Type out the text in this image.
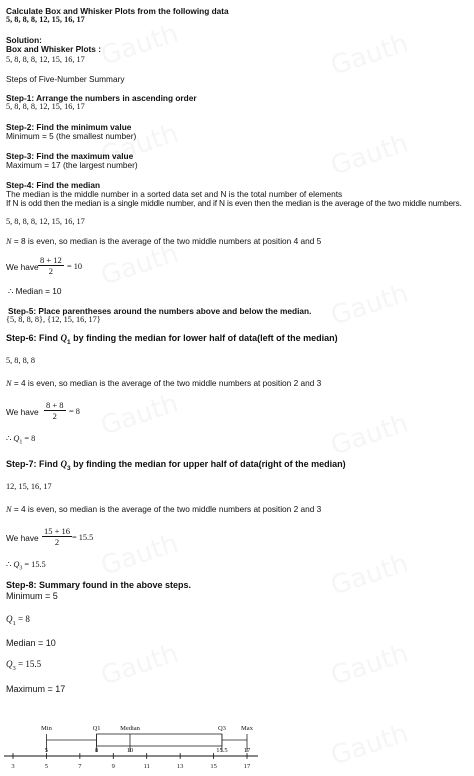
Calculate Box and Whisker Plots from the following data
5, 8, 8, 8, 12, 15, 16, 17
Solution:
Box and Whisker Plots :
5, 8, 8, 8, 12, 15, 16, 17
Steps of Five-Number Summary
Step-1: Arrange the numbers in ascending order
5, 8, 8, 8, 12, 15, 16, 17
Step-2: Find the minimum value
Minimum = 5 (the smallest number)
Step-3: Find the maximum value
Maximum = 17 (the largest number)
Step-4: Find the median
The median is the middle number in a sorted data set and N is the total number of elements
If N is odd then the median is a single middle number, and if N is even then the median is the average of the two middle numbers.
5, 8, 8, 8, 12, 15, 16, 17
N = 8 is even, so median is the average of the two middle numbers at position 4 and 5
We have $\frac{8 + 12}{2} = 10$
∴ Median = 10
Step-5: Place parentheses around the numbers above and below the median.
{5, 8, 8, 8}, {12, 15, 16, 17}
Step-6: Find $Q_1$ by finding the median for lower half of data(left of the median)
5, 8, 8, 8
N = 4 is even, so median is the average of the two middle numbers at position 2 and 3
We have $\frac{8 + 8}{2} = 8$
∴ $Q_1 = 8$
Step-7: Find $Q_3$ by finding the median for upper half of data(right of the median)
12, 15, 16, 17
N = 4 is even, so median is the average of the two middle numbers at position 2 and 3
We have $\frac{15 + 16}{2} = 15.5$
∴ $Q_3 = 15.5$
Step-8: Summary found in the above steps.
Minimum = 5
$Q_1 = 8$
Median = 10
$Q_3 = 15.5$
Maximum = 17
Min
5
Q1
8
Median
10
Q3
15.5
Max
17
3	5	7	9	11	13	15	17
